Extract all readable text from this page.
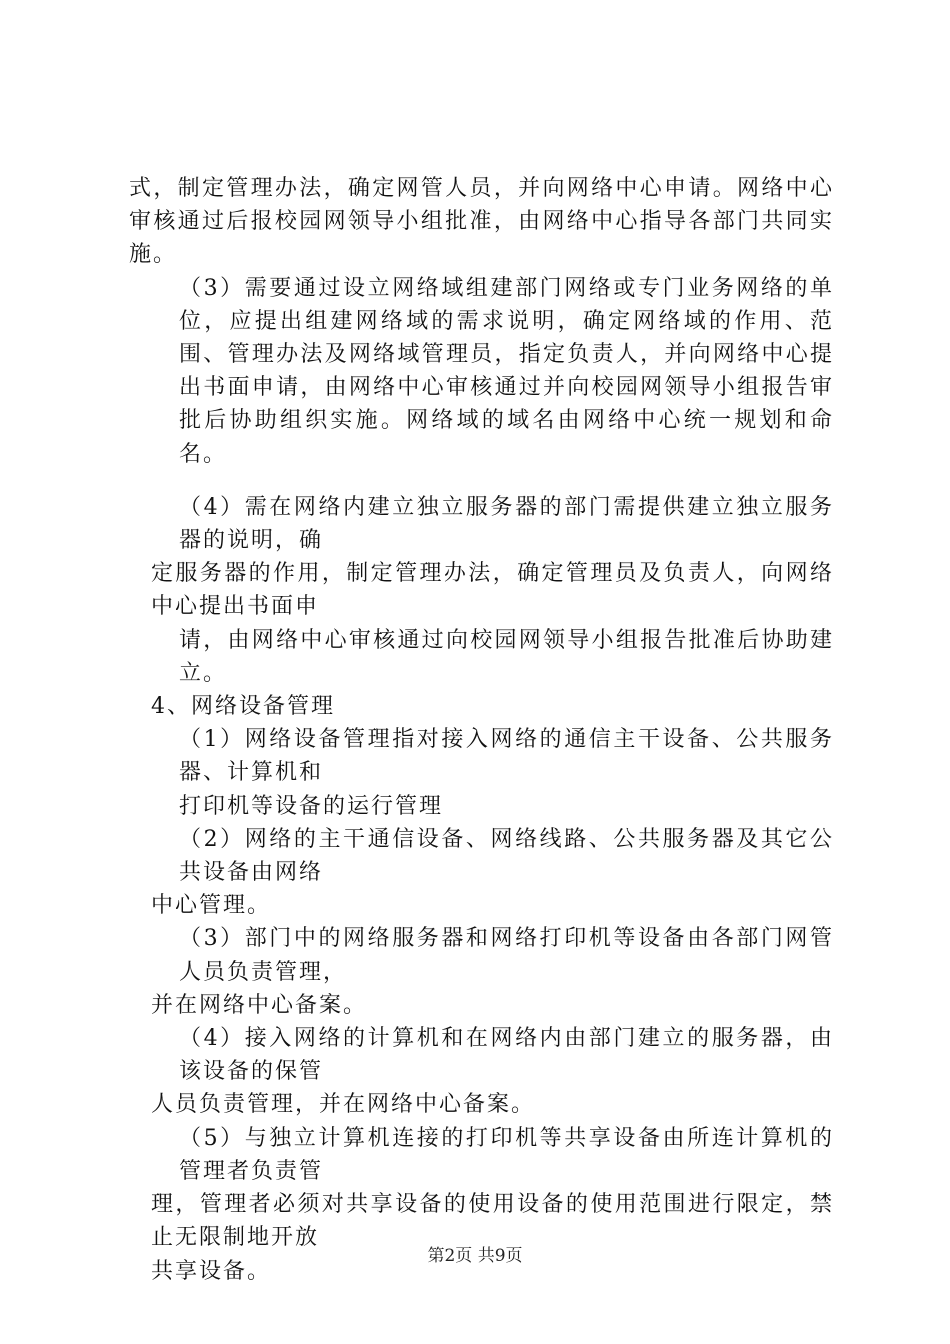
式，制定管理办法，确定网管人员，并向网络中心申请。网络中心审核通过后报校园网领导小组批准，由网络中心指导各部门共同实施。

（3）需要通过设立网络域组建部门网络或专门业务网络的单位，应提出组建网络域的需求说明，确定网络域的作用、范围、管理办法及网络域管理员，指定负责人，并向网络中心提出书面申请，由网络中心审核通过并向校园网领导小组报告审批后协助组织实施。网络域的域名由网络中心统一规划和命名。

（4）需在网络内建立独立服务器的部门需提供建立独立服务器的说明，确

定服务器的作用，制定管理办法，确定管理员及负责人，向网络中心提出书面申

请，由网络中心审核通过向校园网领导小组报告批准后协助建立。

4、网络设备管理

（1）网络设备管理指对接入网络的通信主干设备、公共服务器、计算机和

打印机等设备的运行管理

（2）网络的主干通信设备、网络线路、公共服务器及其它公共设备由网络

中心管理。

（3）部门中的网络服务器和网络打印机等设备由各部门网管人员负责管理，

并在网络中心备案。

（4）接入网络的计算机和在网络内由部门建立的服务器，由该设备的保管

人员负责管理，并在网络中心备案。

（5）与独立计算机连接的打印机等共享设备由所连计算机的管理者负责管

理，管理者必须对共享设备的使用设备的使用范围进行限定，禁止无限制地开放

共享设备。

第2页 共9页
